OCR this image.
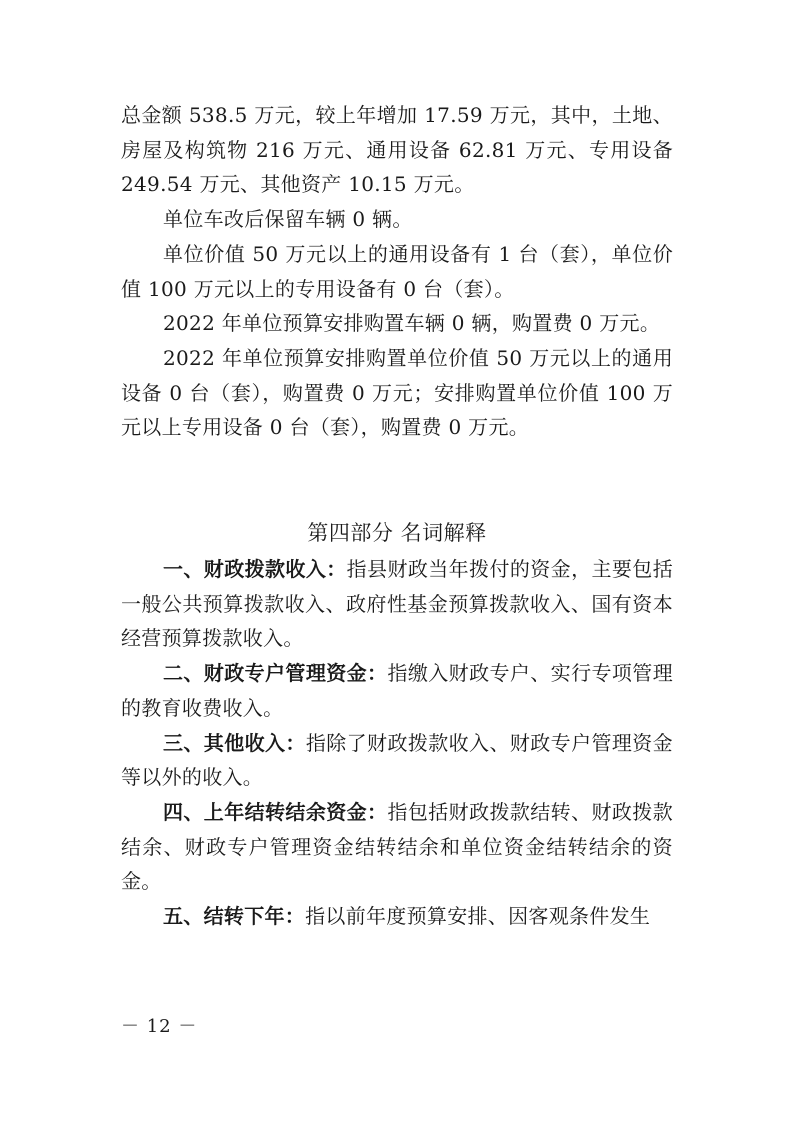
总金额 538.5 万元，较上年增加 17.59 万元，其中，土地、房屋及构筑物 216 万元、通用设备 62.81 万元、专用设备 249.54 万元、其他资产 10.15 万元。

单位车改后保留车辆 0 辆。

单位价值 50 万元以上的通用设备有 1 台（套），单位价值 100 万元以上的专用设备有 0 台（套）。

2022 年单位预算安排购置车辆 0 辆，购置费 0 万元。

2022 年单位预算安排购置单位价值 50 万元以上的通用设备 0 台（套），购置费 0 万元；安排购置单位价值 100 万元以上专用设备 0 台（套），购置费 0 万元。

第四部分 名词解释

一、财政拨款收入：指县财政当年拨付的资金，主要包括一般公共预算拨款收入、政府性基金预算拨款收入、国有资本经营预算拨款收入。

二、财政专户管理资金：指缴入财政专户、实行专项管理的教育收费收入。

三、其他收入：指除了财政拨款收入、财政专户管理资金等以外的收入。

四、上年结转结余资金：指包括财政拨款结转、财政拨款结余、财政专户管理资金结转结余和单位资金结转结余的资金。

五、结转下年：指以前年度预算安排、因客观条件发生

－ 12 －
